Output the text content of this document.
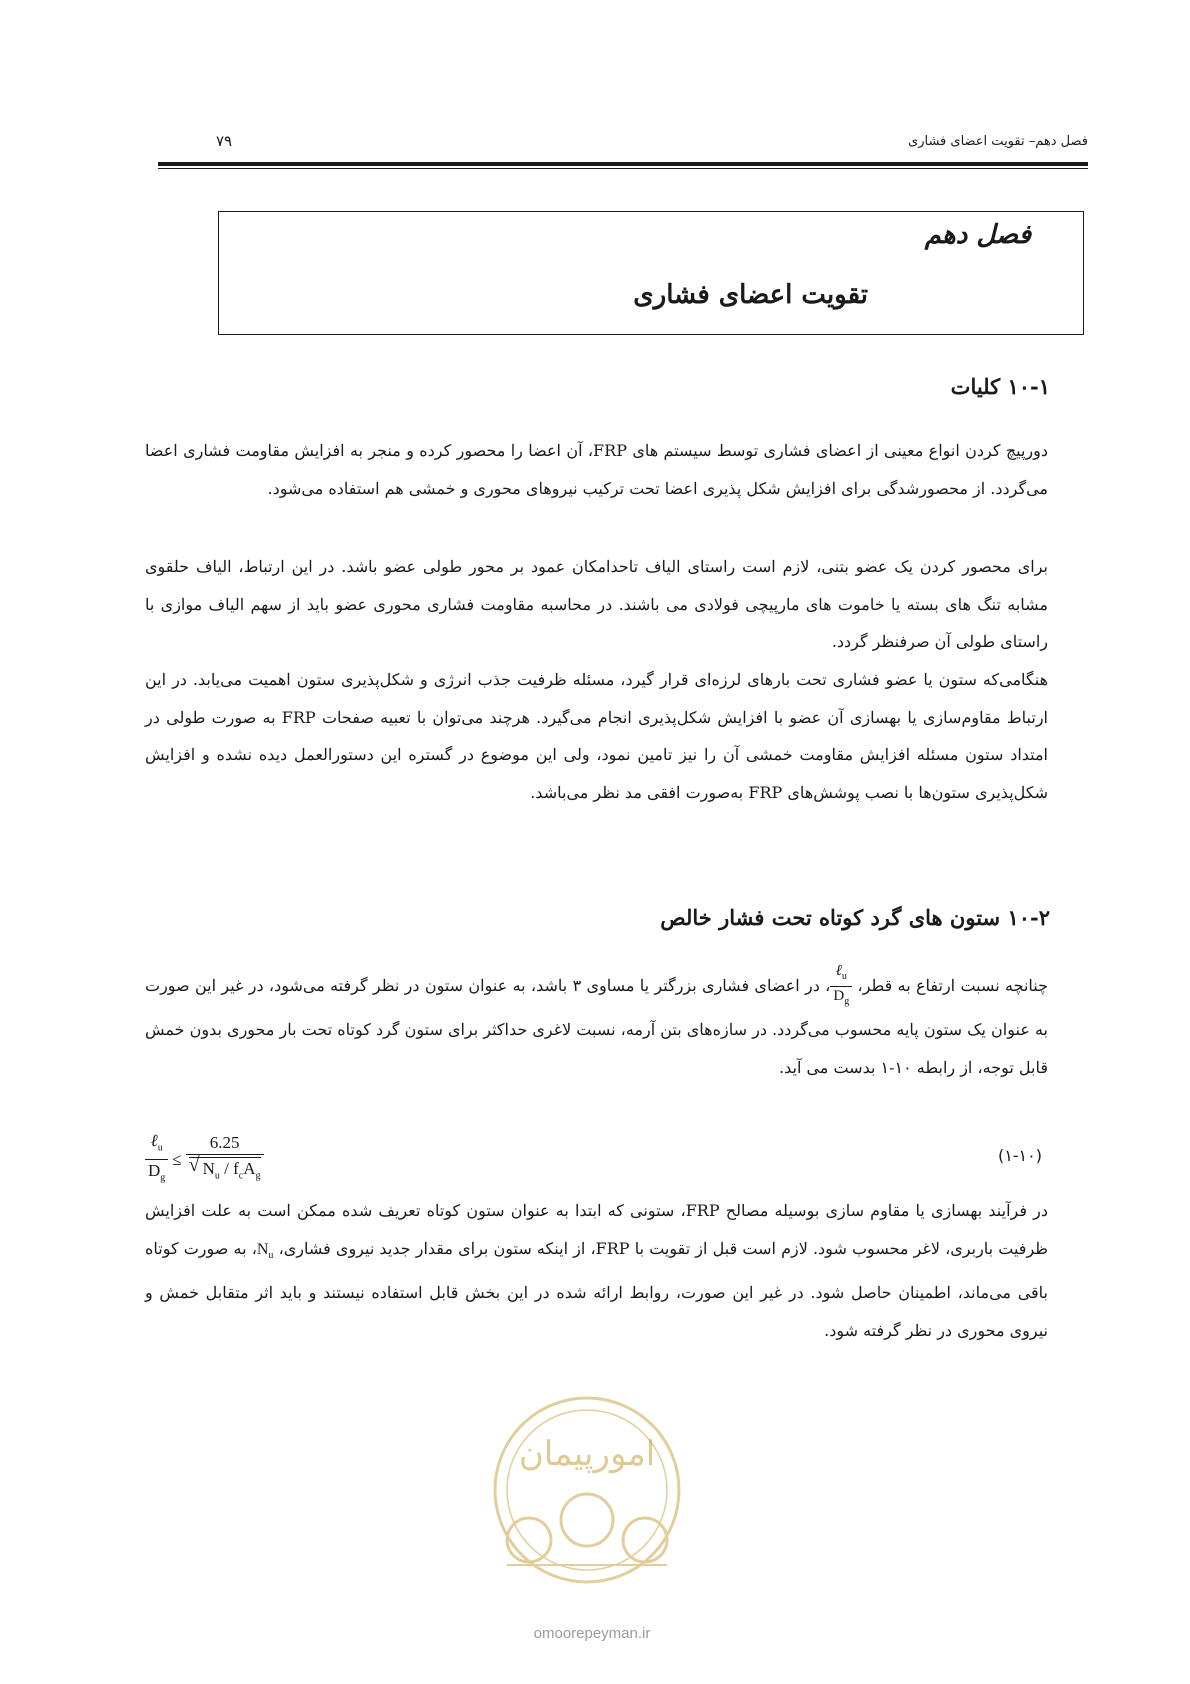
فصل دهم– تقویت اعضای فشاری
۷۹
فصل دهم
تقویت اعضای فشاری
۱۰-۱ کلیات
دورپیچ کردن انواع معینی از اعضای فشاری توسط سیستم های FRP، آن اعضا را محصور کرده و منجر به افزایش مقاومت فشاری اعضا می‌گردد. از محصورشدگی برای افزایش شکل پذیری اعضا تحت ترکیب نیروهای محوری و خمشی هم استفاده می‌شود.
برای محصور کردن یک عضو بتنی، لازم است راستای الیاف تاحدامکان عمود بر محور طولی عضو باشد. در این ارتباط، الیاف حلقوی مشابه تنگ های بسته یا خاموت های مارپیچی فولادی می باشند. در محاسبه مقاومت فشاری محوری عضو باید از سهم الیاف موازی با راستای طولی آن صرفنظر گردد.
هنگامی‌که ستون یا عضو فشاری تحت بارهای لرزه‌ای قرار گیرد، مسئله ظرفیت جذب انرژی و شکل‌پذیری ستون اهمیت می‌یابد. در این ارتباط مقاوم‌سازی یا بهسازی آن عضو با افزایش شکل‌پذیری انجام می‌گیرد. هرچند می‌توان با تعبیه صفحات FRP به صورت طولی در امتداد ستون مسئله افزایش مقاومت خمشی آن را نیز تامین نمود، ولی این موضوع در گستره این دستورالعمل دیده نشده و افزایش شکل‌پذیری ستون‌ها با نصب پوشش‌های FRP به‌صورت افقی مد نظر می‌باشد.
۱۰-۲ ستون های گرد کوتاه تحت فشار خالص
چنانچه نسبت ارتفاع به قطر،
$\frac{\ell_u}{D_g}$
، در اعضای فشاری بزرگتر یا مساوی ۳ باشد، به عنوان ستون در نظر گرفته می‌شود، در غیر این صورت به عنوان یک ستون پایه محسوب می‌گردد. در سازه‌های بتن آرمه، نسبت لاغری حداکثر برای ستون گرد کوتاه تحت بار محوری بدون خمش قابل توجه، از رابطه ۱۰-۱ بدست می آید.
$\frac{\ell_u}{D_g} \le 6.25$
√ $N_u / f_cA_g$	(۱-۱۰)
در فرآیند بهسازی یا مقاوم سازی بوسیله مصالح FRP، ستونی که ابتدا به عنوان ستون کوتاه تعریف شده ممکن است به علت افزایش ظرفیت باربری، لاغر محسوب شود. لازم است قبل از تقویت با FRP، از اینکه ستون برای مقدار جدید نیروی فشاری، $N_u،$ به صورت کوتاه باقی می‌ماند، اطمینان حاصل شود. در غیر این صورت، روابط ارائه شده در این بخش قابل استفاده نیستند و باید اثر متقابل خمش و نیروی محوری در نظر گرفته شود.
امورپیمان
omoorepeyman.ir
